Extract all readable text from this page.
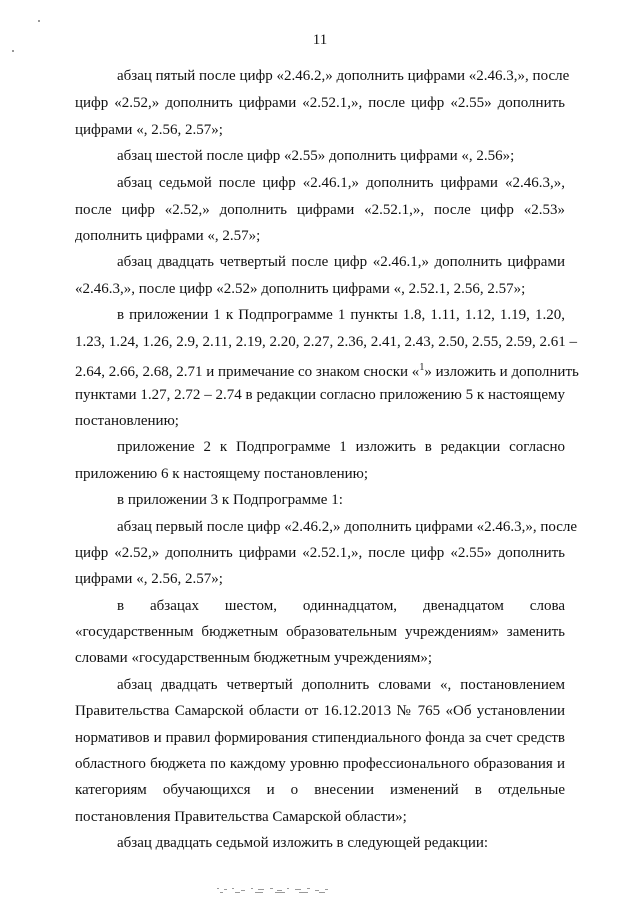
11
абзац пятый после цифр «2.46.2,» дополнить цифрами «2.46.3,», после
цифр «2.52,» дополнить цифрами «2.52.1,», после цифр «2.55» дополнить
цифрами «, 2.56, 2.57»;
абзац шестой после цифр «2.55» дополнить цифрами «, 2.56»;
абзац седьмой после цифр «2.46.1,» дополнить цифрами «2.46.3,»,
после цифр «2.52,» дополнить цифрами «2.52.1,», после цифр «2.53»
дополнить цифрами «, 2.57»;
абзац двадцать четвертый после цифр «2.46.1,» дополнить цифрами
«2.46.3,», после цифр «2.52» дополнить цифрами «, 2.52.1, 2.56, 2.57»;
в приложении 1 к Подпрограмме 1 пункты 1.8, 1.11, 1.12, 1.19, 1.20,
1.23, 1.24, 1.26, 2.9, 2.11, 2.19, 2.20, 2.27, 2.36, 2.41, 2.43, 2.50, 2.55, 2.59, 2.61 –
2.64, 2.66, 2.68, 2.71 и примечание со знаком сноски «$^1$» изложить и дополнить
пунктами 1.27, 2.72 – 2.74 в редакции согласно приложению 5 к настоящему
постановлению;
приложение 2 к Подпрограмме 1 изложить в редакции согласно
приложению 6 к настоящему постановлению;
в приложении 3 к Подпрограмме 1:
абзац первый после цифр «2.46.2,» дополнить цифрами «2.46.3,», после
цифр «2.52,» дополнить цифрами «2.52.1,», после цифр «2.55» дополнить
цифрами «, 2.56, 2.57»;
в абзацах шестом, одиннадцатом, двенадцатом слова
«государственным бюджетным образовательным учреждениям» заменить
словами «государственным бюджетным учреждениям»;
абзац двадцать четвертый дополнить словами «, постановлением
Правительства Самарской области от 16.12.2013 № 765 «Об установлении
нормативов и правил формирования стипендиального фонда за счет средств
областного бюджета по каждому уровню профессионального образования и
категориям обучающихся и о внесении изменений в отдельные
постановления Правительства Самарской области»;
абзац двадцать седьмой изложить в следующей редакции:
